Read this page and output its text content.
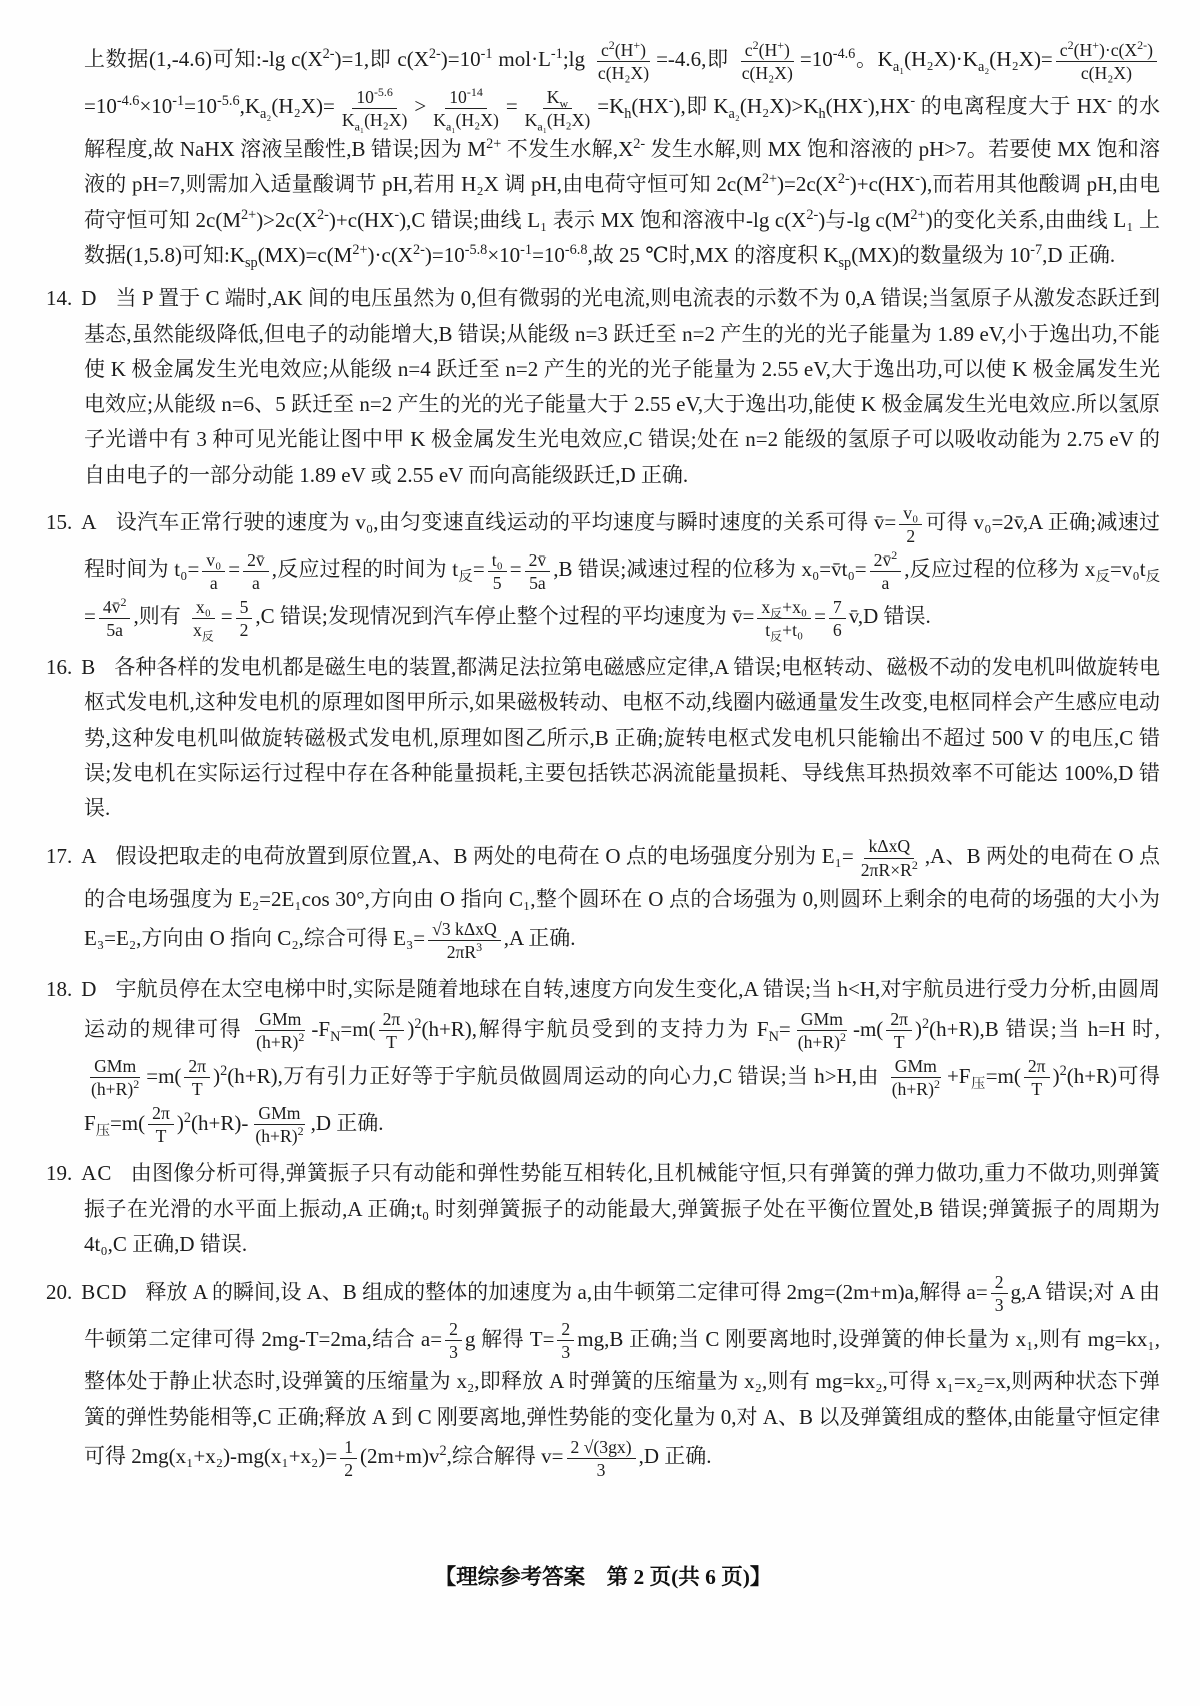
上数据(1,-4.6)可知:-lg $c(X^{2-})=1$,即 $c(X^{2-})=10^{-1}$ $mol\cdot L^{-1};\lg \frac{c^2(H^+)}{\text{c(H₂X)}} =-4.6$,即 $\frac{c^2(H^+)}{\text{c(H₂X)}} =10^{-4.6}$。$K_{a_1}(H_2X)\cdot K_{a_2}(H_2X)= \frac{c^2(H^+)\cdot c(X^{2-})}{\text{c(H₂X)}}$
$=10^{-4.6}\times 10^{-1}=10^{-5.6},K_{a_2}(H_2X)= \frac{10^{-5.6}}{K_{a_1}(H_2X)} > \frac{10^{-14}}{K_{a_1}(H_2X)} = \frac{K_w}{K_{a_1}(H_2X)} =K_h(HX^-)$,即 $K_{a_2}(H_2X)>K_h(HX^-),HX^-$ 的电离程度大于 HX- 的水解程度,故 NaHX 溶液呈酸性,B 错误;因为 $M^{2+}$ 不发生水解$,X^{2-}$ 发生水解,则 MX 饱和溶液的 pH>7。若要使 MX 饱和溶液的 pH=7,则需加入适量酸调节 pH,若用 H₂X 调 pH,由电荷守恒可知 $2c(M^{2+})=2c(X^{2-})+c(HX^-)$,而若用其他酸调 pH,由电荷守恒可知 $2c(M^{2+})>2c(X^{2-})+c(HX^-),C$ 错误;曲线 L₁ 表示 MX 饱和溶液中-lg $c(X^{2-})$与-lg $c(M^{2+})$的变化关系,由曲线 L₁ 上数据(1,5.8)可知$:K_{sp}(MX)=c(M^{2+})\cdot c(X^{2-})=10^{-5.8}\times 10^{-1}=10^{-6.8}$,故 25 ℃时,MX 的溶度积 $K_{sp}(MX)$的数量级为 $10^{-7},D$ 正确.

14. D 当 P 置于 C 端时,AK 间的电压虽然为 0,但有微弱的光电流,则电流表的示数不为 0,A 错误;当氢原子从激发态跃迁到基态,虽然能级降低,但电子的动能增大,B 错误;从能级 n=3 跃迁至 n=2 产生的光的光子能量为 1.89 eV,小于逸出功,不能使 K 极金属发生光电效应;从能级 n=4 跃迁至 n=2 产生的光的光子能量为 2.55 eV,大于逸出功,可以使 K 极金属发生光电效应;从能级 n=6、5 跃迁至 n=2 产生的光的光子能量大于 2.55 eV,大于逸出功,能使 K 极金属发生光电效应.所以氢原子光谱中有 3 种可见光能让图中甲 K 极金属发生光电效应,C 错误;处在 n=2 能级的氢原子可以吸收动能为 2.75 eV 的自由电子的一部分动能 1.89 eV 或 2.55 eV 而向高能级跃迁,D 正确.

15. A 设汽车正常行驶的速度为 v₀,由匀变速直线运动的平均速度与瞬时速度的关系可得 v̄= $\frac{\text{v₀}}{2}$ 可得 v₀=2v̄,A 正确;减速过程时间为 $t_0= \frac{\text{v₀}}{a} = \frac{2v̄}{a}$ ,反应过程的时间为 $t_反= \frac{\text{t₀}}{5} = \frac{2v̄}{5a} ,B$ 错误;减速过程的位移为 x₀=v̄t₀= $\frac{2v̄^2}{a}$ ,反应过程的位移为 $x_反=v_0t_反= \frac{4v̄^2}{5a}$ ,则有 $\frac{\text{x₀}}{x_反} = \frac{5}{2} ,C$ 错误;发现情况到汽车停止整个过程的平均速度为 v̄= $\frac{x_反+x_0}{t_反+t_0} = \frac{7}{6}$ v̄,D 错误.

16. B 各种各样的发电机都是磁生电的装置,都满足法拉第电磁感应定律,A 错误;电枢转动、磁极不动的发电机叫做旋转电枢式发电机,这种发电机的原理如图甲所示,如果磁极转动、电枢不动,线圈内磁通量发生改变,电枢同样会产生感应电动势,这种发电机叫做旋转磁极式发电机,原理如图乙所示,B 正确;旋转电枢式发电机只能输出不超过 500 V 的电压,C 错误;发电机在实际运行过程中存在各种能量损耗,主要包括铁芯涡流能量损耗、导线焦耳热损效率不可能达 100%,D 错误.

17. A 假设把取走的电荷放置到原位置,A、B 两处的电荷在 O 点的电场强度分别为 $E_1= \frac{\text{kΔxQ}}{2\pi R\times R^2} ,A$、B 两处的电荷在 O 点的合电场强度为 E₂=2E₁cos 30°,方向由 O 指向 C₁,整个圆环在 O 点的合场强为 0,则圆环上剩余的电荷的场强的大小为 E₃=E₂,方向由 O 指向 C₂,综合可得 $E_3= \frac{\text{√3 kΔxQ}}{2\pi R^3} ,A$ 正确.

18. D 宇航员停在太空电梯中时,实际是随着地球在自转,速度方向发生变化,A 错误;当 h<H,对宇航员进行受力分析,由圆周运动的规律可得 $\frac{\text{GMm}}{(h+R)^2} -F_N=m( \frac{2\pi}{T} )^2(h+R)$,解得宇航员受到的支持力为 $F_N= \frac{\text{GMm}}{(h+R)^2} -m( \frac{2\pi}{T} )^2(h+R),B$ 错误;当 h=H 时,
$\frac{\text{GMm}}{(h+R)^2} =m( \frac{2\pi}{T} )^2(h+R)$,万有引力正好等于宇航员做圆周运动的向心力,C 错误;当 h>H,由 $\frac{\text{GMm}}{(h+R)^2} +F_压=m( \frac{2\pi}{T} )^2(h+R)$可得 $F_压=m( \frac{2\pi}{T} )^2(h+R)- \frac{\text{GMm}}{(h+R)^2} ,D$ 正确.

19. AC 由图像分析可得,弹簧振子只有动能和弹性势能互相转化,且机械能守恒,只有弹簧的弹力做功,重力不做功,则弹簧振子在光滑的水平面上振动,A 正确;t₀ 时刻弹簧振子的动能最大,弹簧振子处在平衡位置处,B 错误;弹簧振子的周期为 4t₀,C 正确,D 错误.

20. BCD 释放 A 的瞬间,设 A、B 组成的整体的加速度为 a,由牛顿第二定律可得 2mg=(2m+m)a,解得 $a= \frac{2}{3} g,A$ 错误;对 A 由牛顿第二定律可得 2mg-T=2ma,结合 $a= \frac{2}{3}$ g 解得 $T= \frac{2}{3} mg,B$ 正确;当 C 刚要离地时,设弹簧的伸长量为 x₁,则有 mg=kx₁,整体处于静止状态时,设弹簧的压缩量为 x₂,即释放 A 时弹簧的压缩量为 x₂,则有 mg=kx₂,可得 x₁=x₂=x,则两种状态下弹簧的弹性势能相等,C 正确;释放 A 到 C 刚要离地,弹性势能的变化量为 0,对 A、B 以及弹簧组成的整体,由能量守恒定律可得 $2mg(x_1+x_2)-mg(x_1+x_2)= \frac{1}{2} (2m+m)v^2$,综合解得 $v= \frac{2 √(3gx)}{3} ,D$ 正确.

【理综参考答案　第 2 页(共 6 页)】
